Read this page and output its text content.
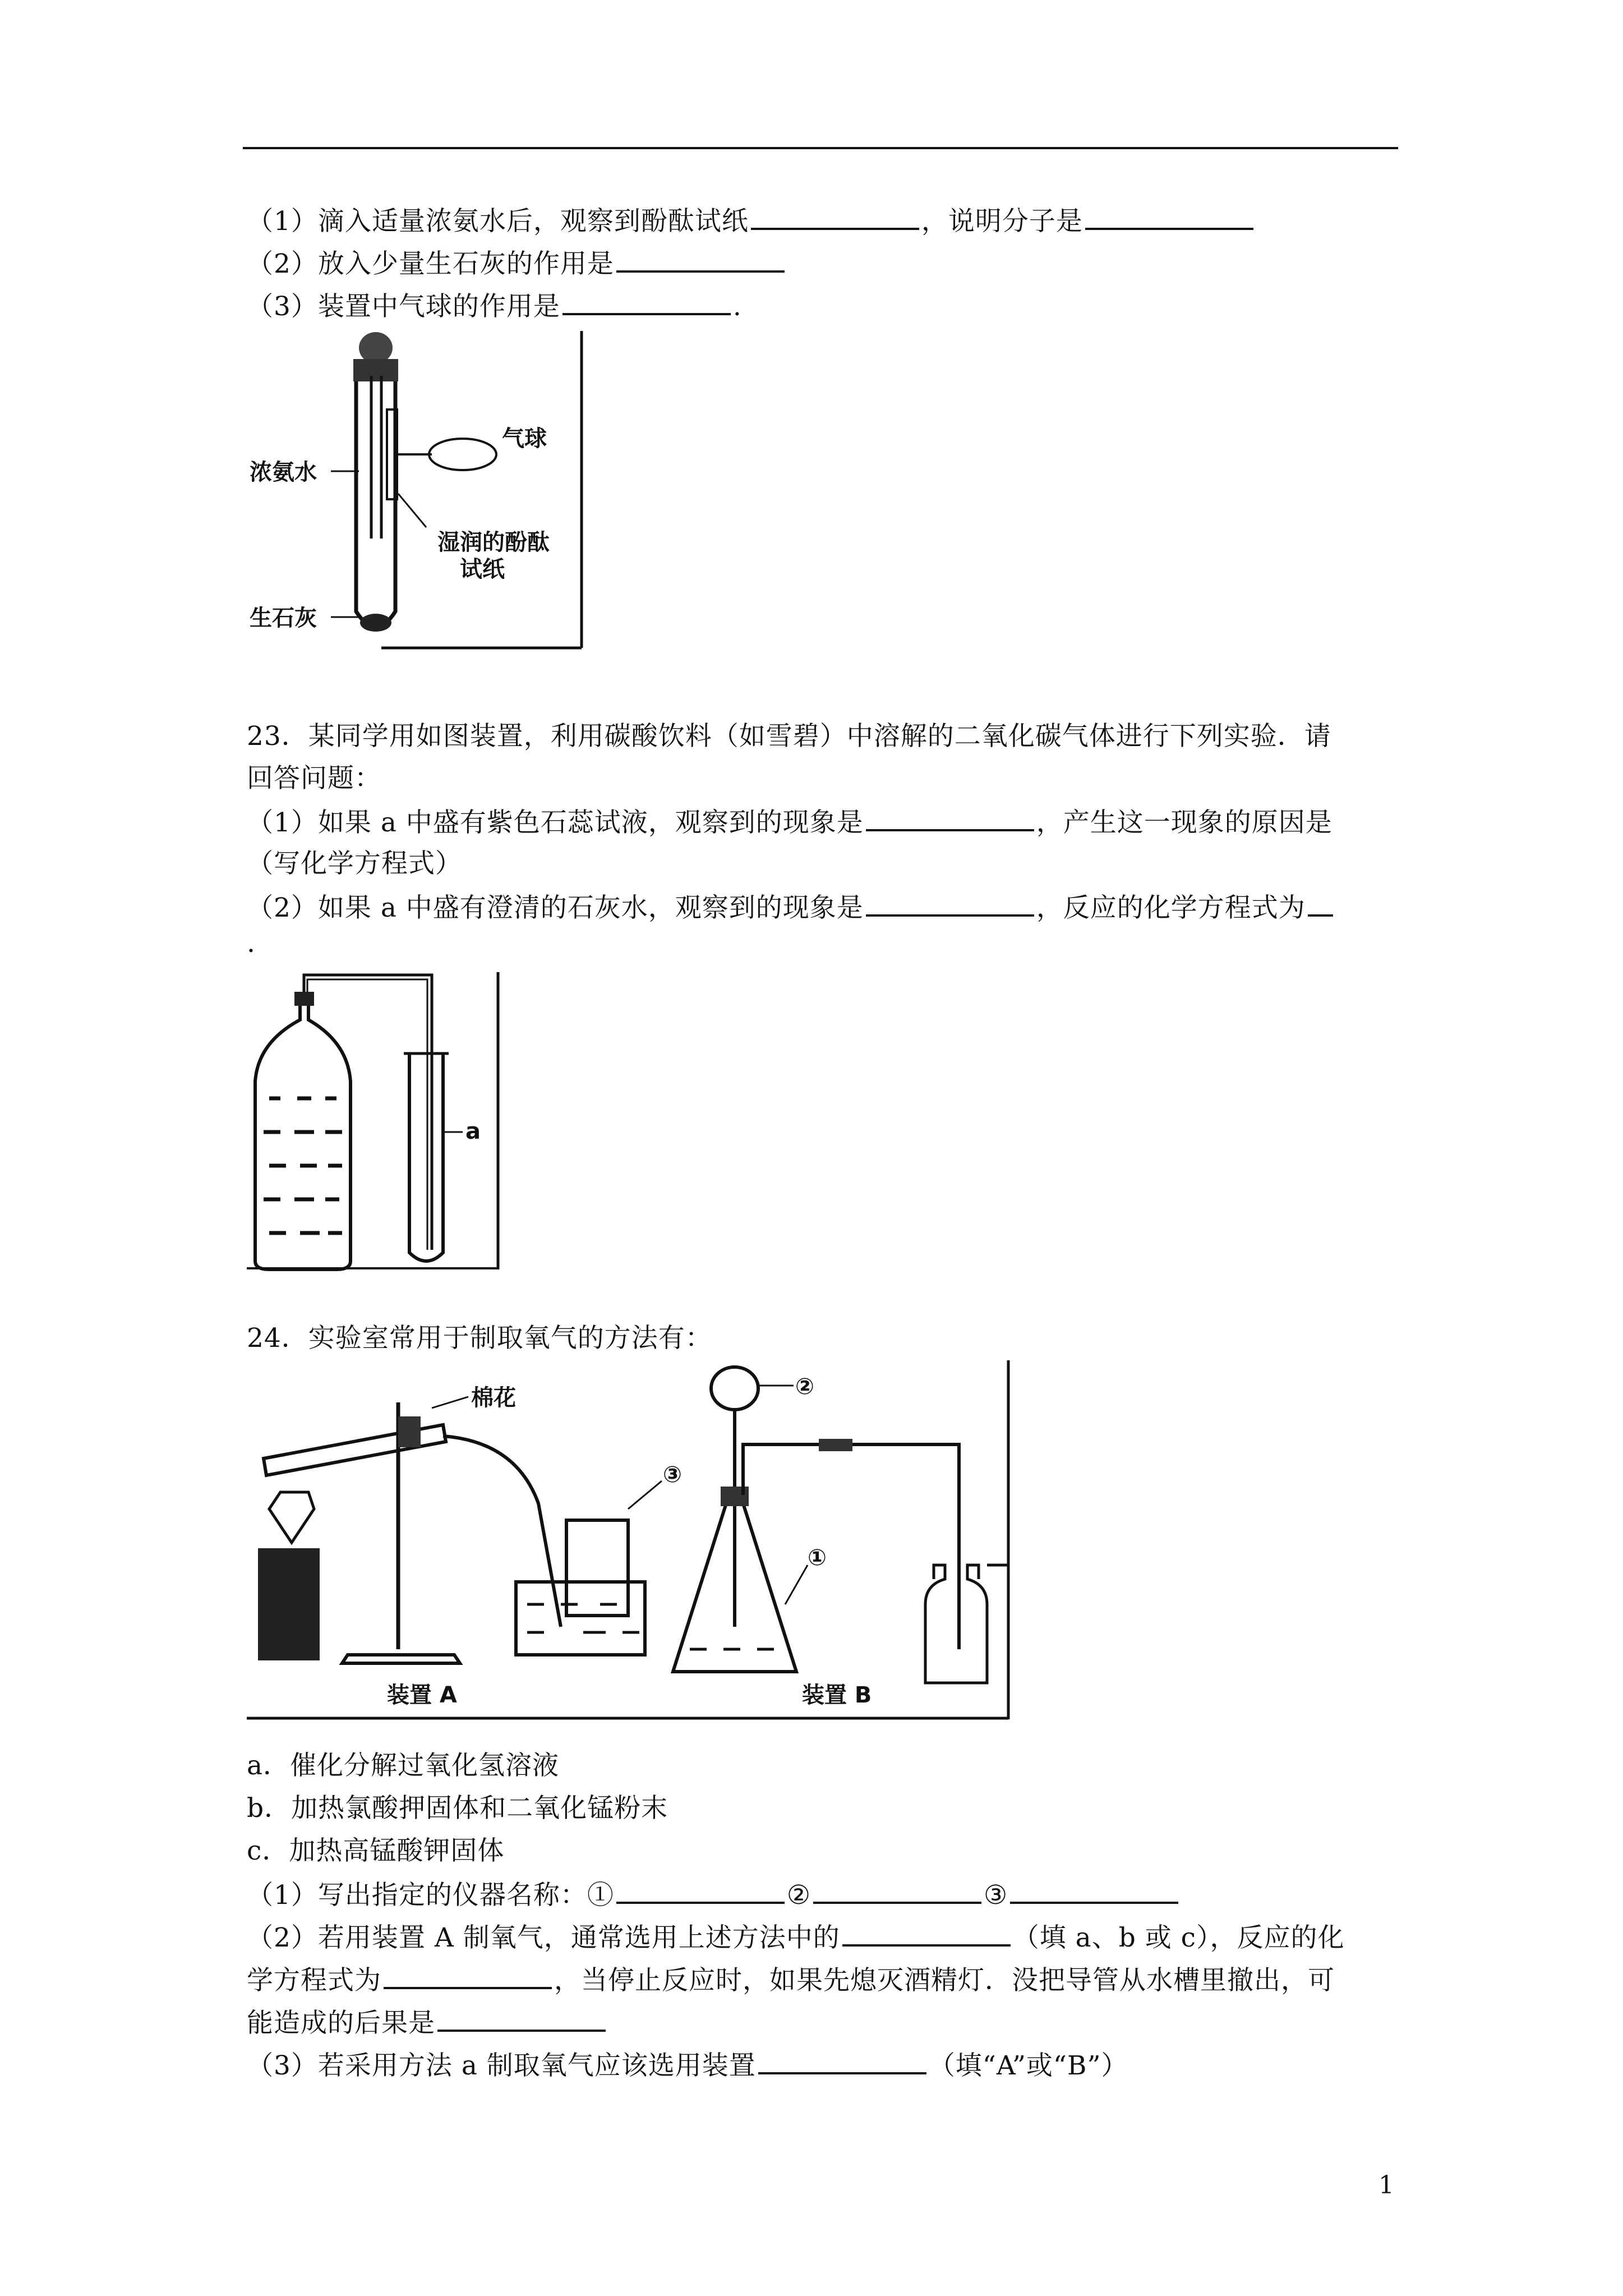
（1）滴入适量浓氨水后，观察到酚酞试纸	，说明分子是
（2）放入少量生石灰的作用是
（3）装置中气球的作用是	.
气球
浓氨水
湿润的酚酞
试纸
生石灰
23．某同学用如图装置，利用碳酸饮料（如雪碧）中溶解的二氧化碳气体进行下列实验．请
回答问题：
（1）如果 a 中盛有紫色石蕊试液，观察到的现象是	，产生这一现象的原因是
（写化学方程式）
（2）如果 a 中盛有澄清的石灰水，观察到的现象是	，反应的化学方程式为
.
a
24．实验室常用于制取氧气的方法有：
棉花
①
②
③
装置 A	装置 B
a．催化分解过氧化氢溶液
b．加热氯酸押固体和二氧化锰粉末
c．加热高锰酸钾固体
（1）写出指定的仪器名称：①	②	③
（2）若用装置 A 制氧气，通常选用上述方法中的	（填 a、b 或 c），反应的化
学方程式为	，当停止反应时，如果先熄灭酒精灯．没把导管从水槽里撤出，可
能造成的后果是
（3）若采用方法 a 制取氧气应该选用装置	（填“A”或“B”）
1
